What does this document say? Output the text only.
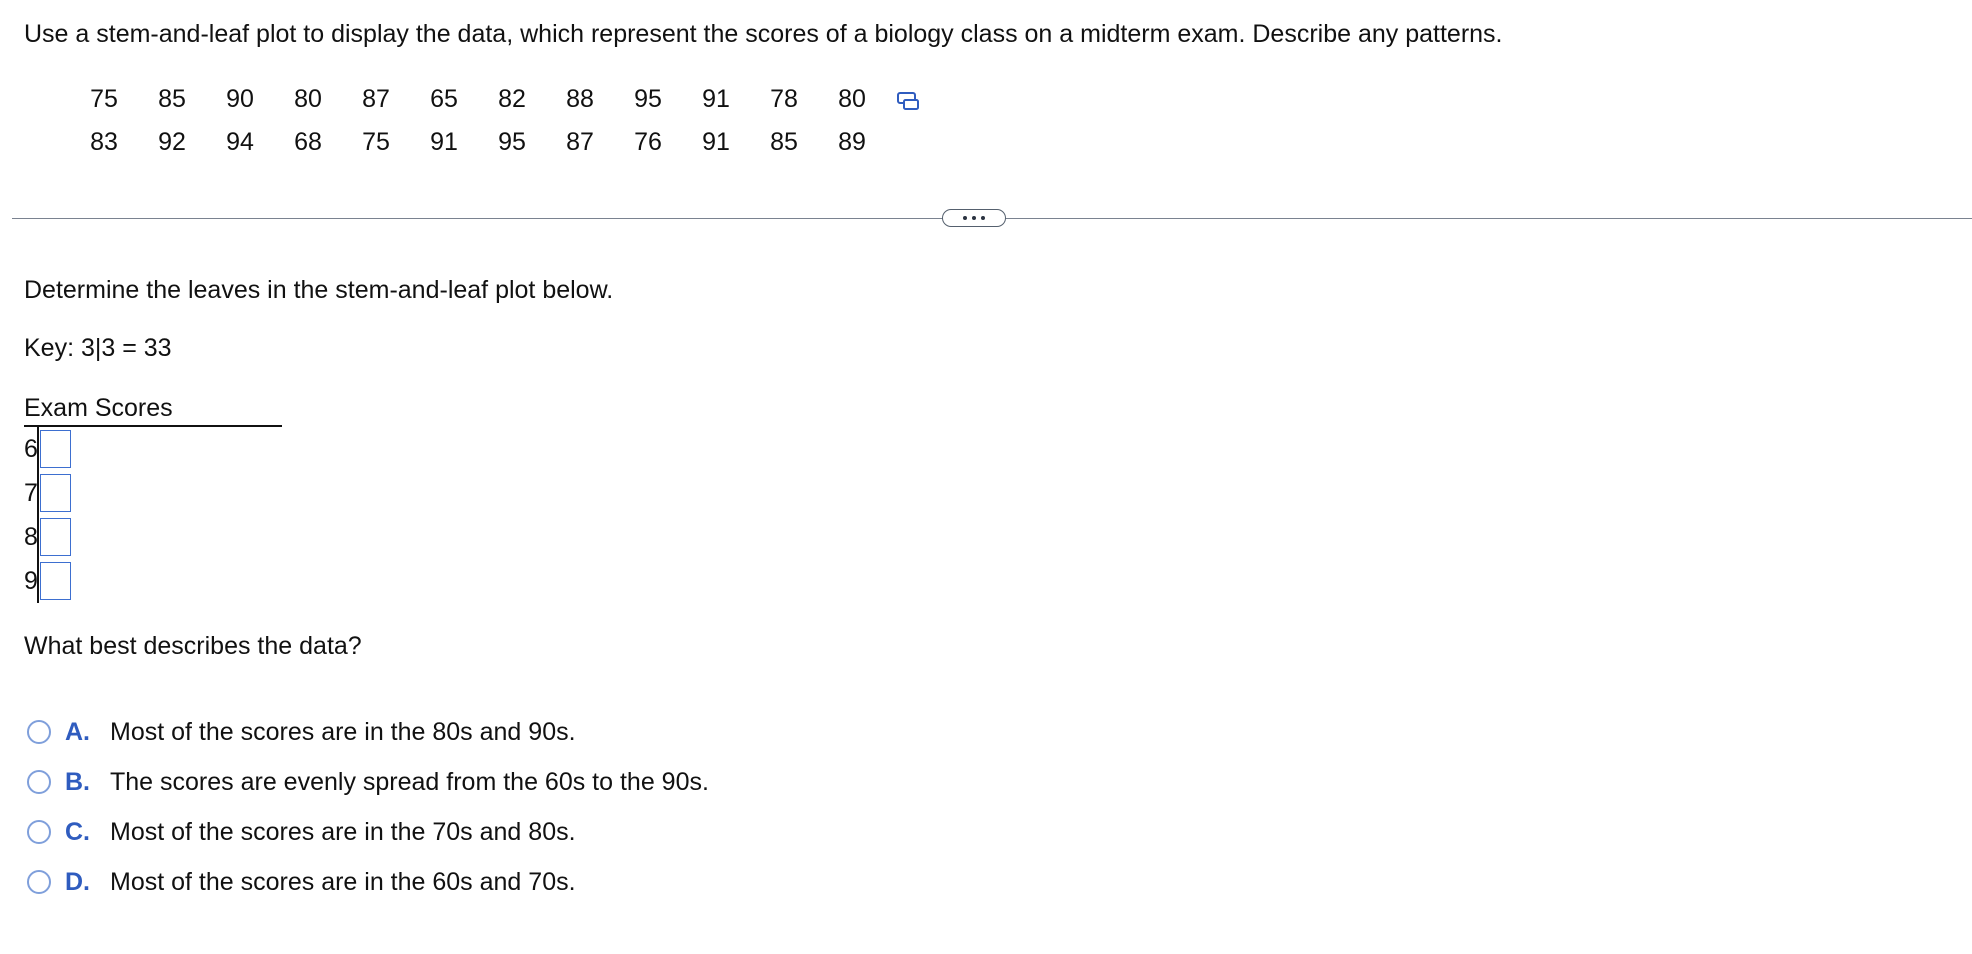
Use a stem-and-leaf plot to display the data, which represent the scores of a biology class on a midterm exam. Describe any patterns.

75	85	90	80	87	65	82	88	95	91	78	80
83	92	94	68	75	91	95	87	76	91	85	89
Determine the leaves in the stem-and-leaf plot below.
Key: 3|3 = 33
Exam Scores
6
7
8
9
What best describes the data?
A. Most of the scores are in the 80s and 90s.
B. The scores are evenly spread from the 60s to the 90s.
C. Most of the scores are in the 70s and 80s.
D. Most of the scores are in the 60s and 70s.
